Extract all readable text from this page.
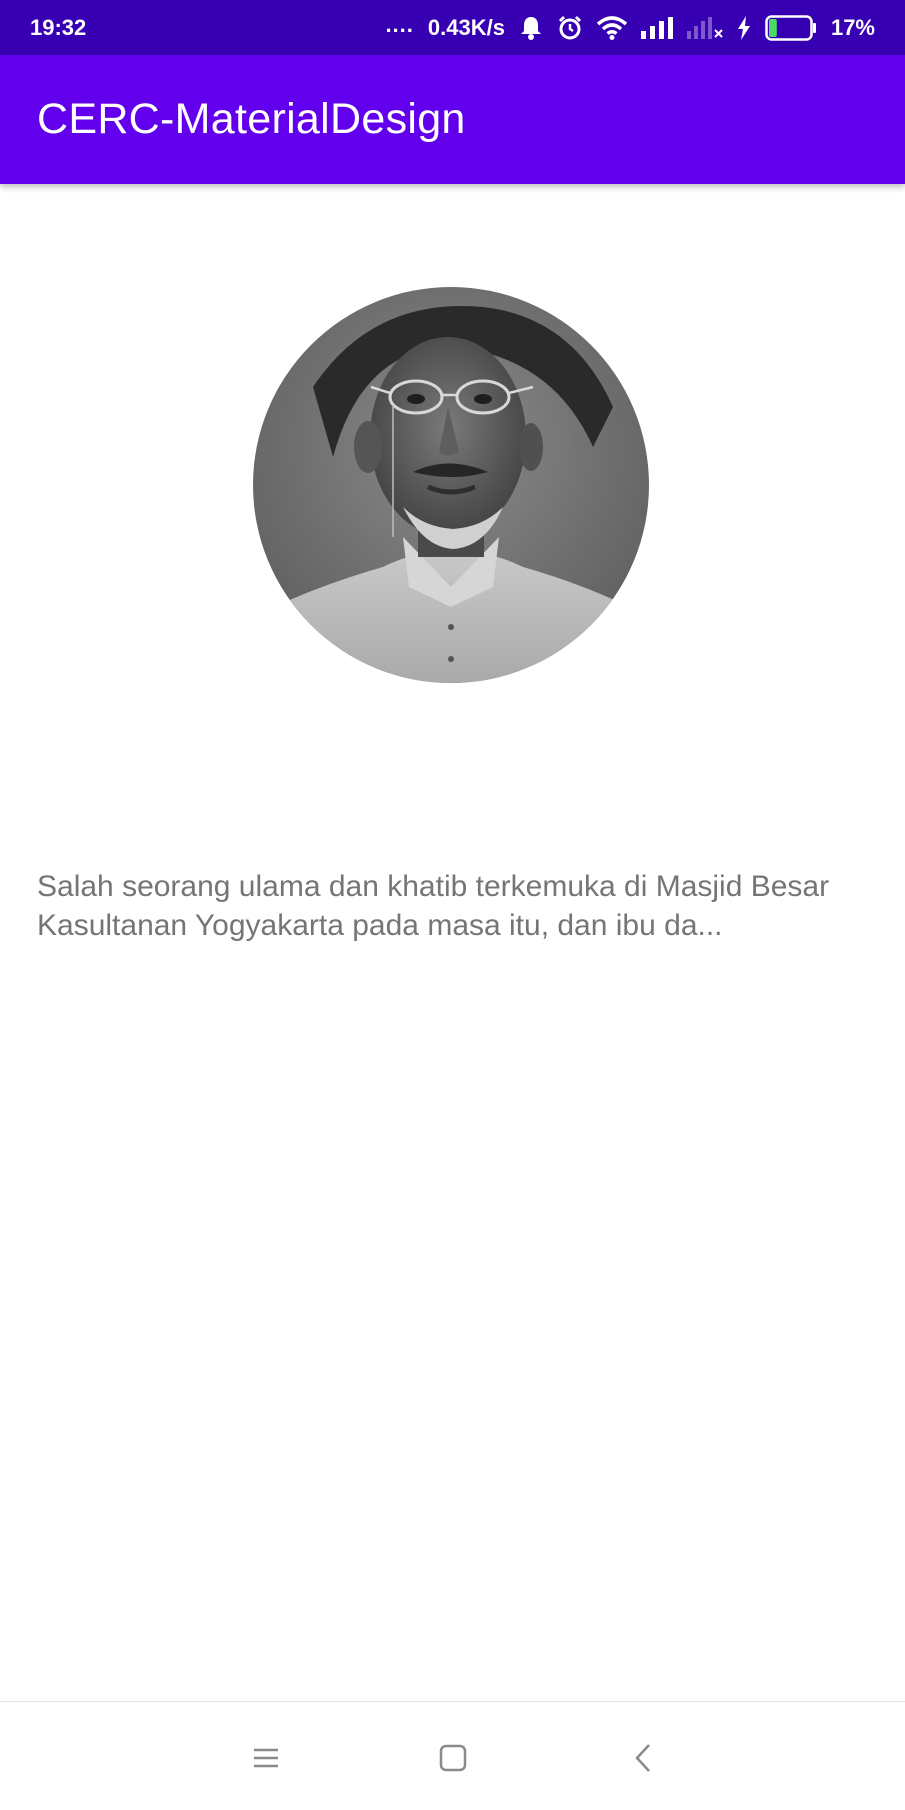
19:32	.... 0.43K/s	17%
CERC-MaterialDesign
Salah seorang ulama dan khatib terkemuka di Masjid Besar Kasultanan Yogyakarta pada masa itu, dan ibu da...
